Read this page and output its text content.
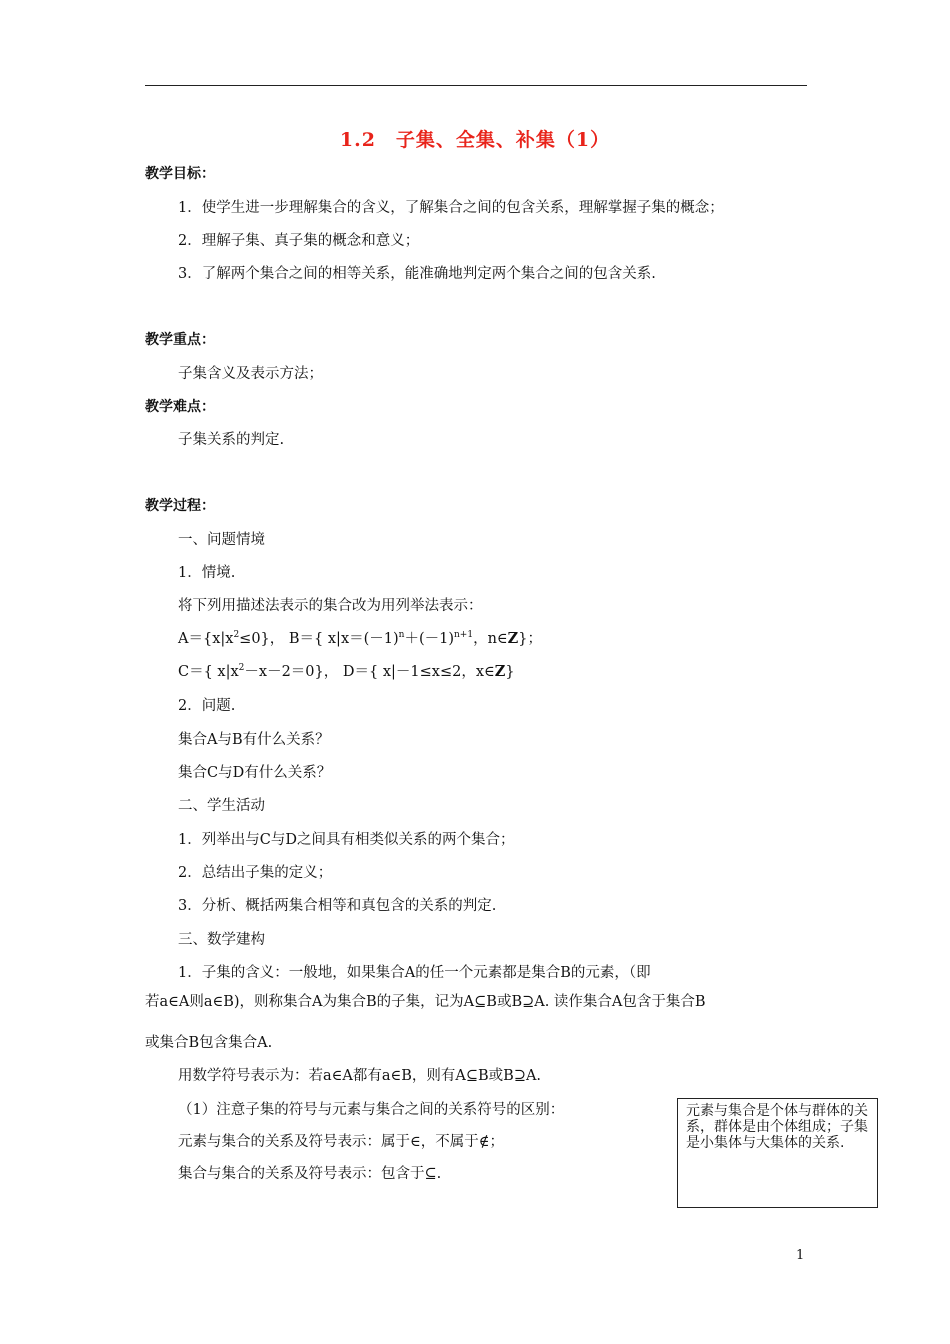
1.2　子集、全集、补集（1）
教学目标：
1．使学生进一步理解集合的含义，了解集合之间的包含关系，理解掌握子集的概念；
2．理解子集、真子集的概念和意义；
3．了解两个集合之间的相等关系，能准确地判定两个集合之间的包含关系.
教学重点：
子集含义及表示方法；
教学难点：
子集关系的判定.
教学过程：
一、问题情境
1．情境.
将下列用描述法表示的集合改为用列举法表示：
$A=\{x|x^2\le 0\}$， B＝{ $x|x=(-1)^n+(-1)^{n+1}$，n∈Z}；
C＝{ $x|x^2-x-2=0$}， D＝{ x|－1≤x≤2，x∈Z}
2．问题.
集合A与B有什么关系？
集合C与D有什么关系？
二、学生活动
1．列举出与C与D之间具有相类似关系的两个集合；
2．总结出子集的定义；
3．分析、概括两集合相等和真包含的关系的判定.
三、数学建构
1．子集的含义：一般地，如果集合A的任一个元素都是集合B的元素，（即
若a∈A则a∈B)，则称集合A为集合B的子集，记为A⊆B或B⊇A. 读作集合A包含于集合B
或集合B包含集合A.
用数学符号表示为：若a∈A都有a∈B，则有A⊆B或B⊇A.
（1）注意子集的符号与元素与集合之间的关系符号的区别：
元素与集合的关系及符号表示：属于∈，不属于∉；
集合与集合的关系及符号表示：包含于⊆.
元素与集合是个体与群体的关系，群体是由个体组成；子集是小集体与大集体的关系.
1
